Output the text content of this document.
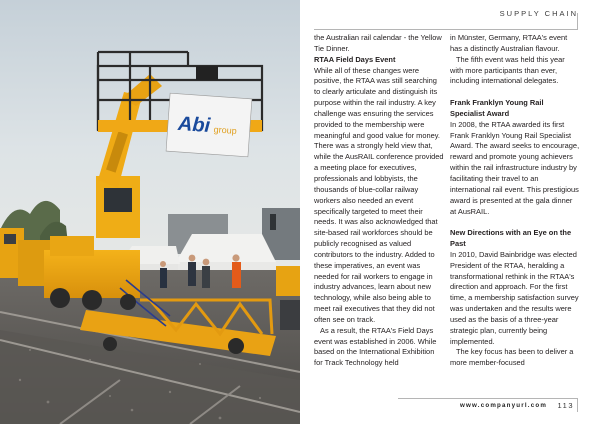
Abi group
SUPPLY CHAIN

the Australian rail calendar - the Yellow Tie Dinner.

RTAA Field Days Event

While all of these changes were positive, the RTAA was still searching to clearly articulate and distinguish its purpose within the rail industry. A key challenge was ensuring the services provided to the membership were meaningful and good value for money. There was a strongly held view that, while the AusRAIL conference provided a meeting place for executives, professionals and lobbyists, the thousands of blue-collar railway workers also needed an event specifically targeted to meet their needs. It was also acknowledged that site-based rail workforces should be publicly recognised as valued contributors to the industry. Added to these imperatives, an event was needed for rail workers to engage in industry advances, learn about new technology, while also being able to meet rail executives that they did not often see on track.

As a result, the RTAA's Field Days event was established in 2006. While based on the International Exhibition for Track Technology held

in Münster, Germany, RTAA's event has a distinctly Australian flavour.

The fifth event was held this year with more participants than ever, including international delegates.

Frank Franklyn Young Rail Specialist Award

In 2008, the RTAA awarded its first Frank Franklyn Young Rail Specialist Award. The award seeks to encourage, reward and promote young achievers within the rail infrastructure industry by facilitating their travel to an international rail event. This prestigious award is presented at the gala dinner at AusRAIL.

New Directions with an Eye on the Past

In 2010, David Bainbridge was elected President of the RTAA, heralding a transformational rethink in the RTAA's direction and approach. For the first time, a membership satisfaction survey was undertaken and the results were used as the basis of a three-year strategic plan, currently being implemented.

The key focus has been to deliver a more member-focused

www.companyurl.com 113
